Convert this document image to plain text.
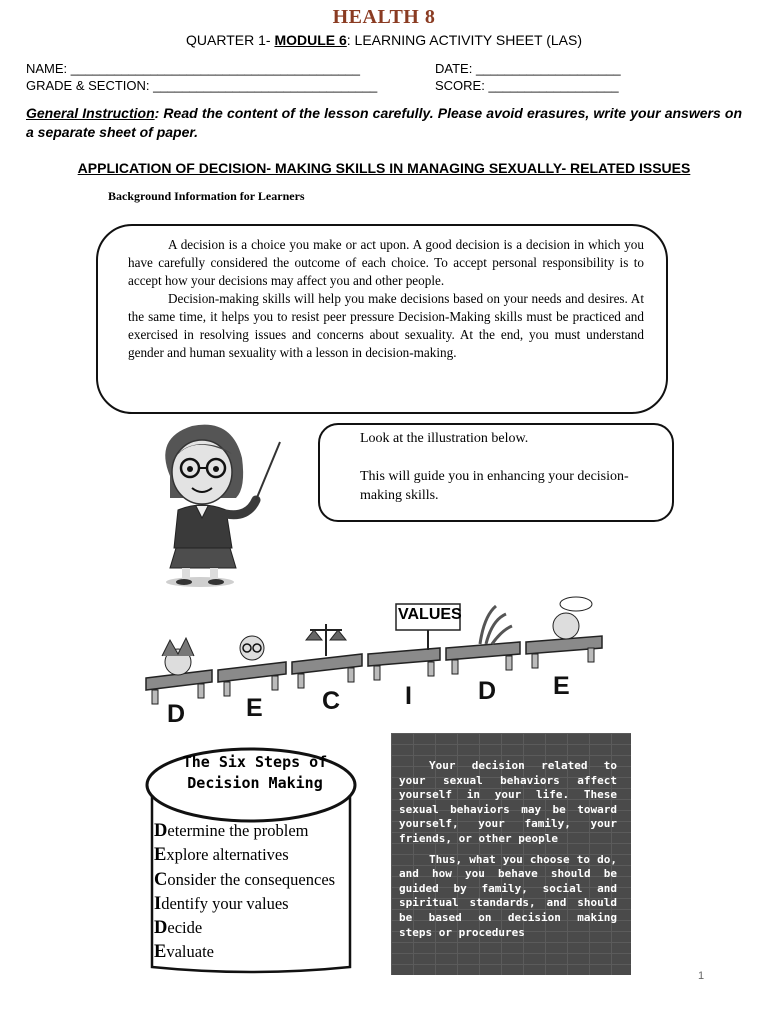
HEALTH 8
QUARTER 1- MODULE 6: LEARNING ACTIVITY SHEET (LAS)
NAME: ________________________________________	DATE: ____________________
GRADE & SECTION: _______________________________	SCORE: __________________
General Instruction: Read the content of the lesson carefully. Please avoid erasures, write your answers on a separate sheet of paper.
APPLICATION OF DECISION- MAKING SKILLS IN MANAGING SEXUALLY- RELATED ISSUES
Background Information for Learners

A decision is a choice you make or act upon. A good decision is a decision in which you have carefully considered the outcome of each choice. To accept personal responsibility is to accept how your decisions may affect you and other people.

Decision-making skills will help you make decisions based on your needs and desires. At the same time, it helps you to resist peer pressure Decision-Making skills must be practiced and exercised in resolving issues and concerns about sexuality. At the end, you must understand gender and human sexuality with a lesson in decision-making.

Look at the illustration below.

This will guide you in enhancing your decision-making skills.

VALUES
D E C	I	D E
The Six Steps of Decision Making
Determine the problem
Explore alternatives
Consider the consequences
Identify your values
Decide
Evaluate

Your decision related to your sexual behaviors affect yourself in your life. These sexual behaviors may be toward yourself, your family, your friends, or other people

Thus, what you choose to do, and how you behave should be guided by family, social and spiritual standards, and should be based on decision making steps or procedures

1
